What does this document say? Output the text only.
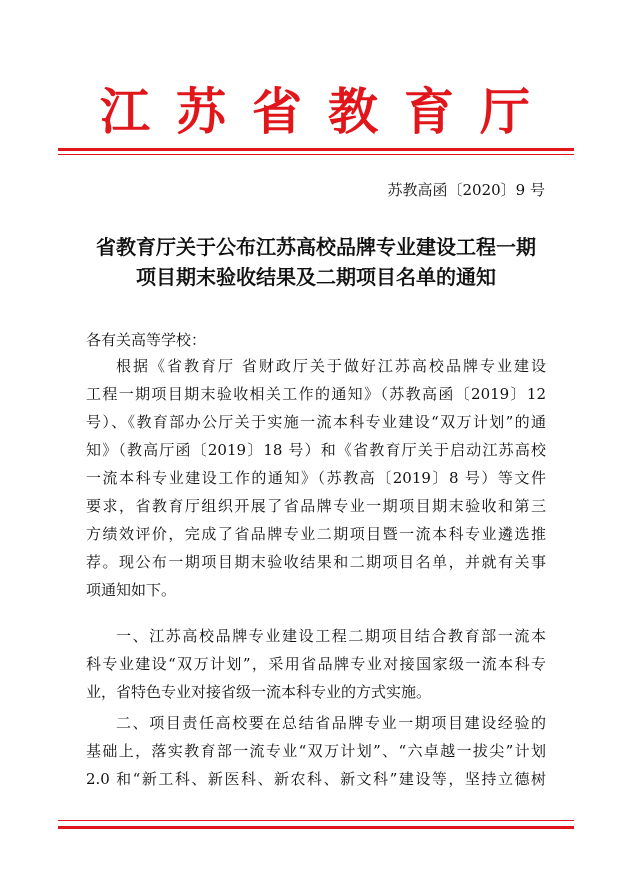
江苏省教育厅
苏教高函〔2020〕9 号
省教育厅关于公布江苏高校品牌专业建设工程一期
项目期末验收结果及二期项目名单的通知
各有关高等学校：
根据《省教育厅 省财政厅关于做好江苏高校品牌专业建设
工程一期项目期末验收相关工作的通知》（苏教高函〔2019〕12
号）、《教育部办公厅关于实施一流本科专业建设“双万计划”的通
知》（教高厅函〔2019〕18 号）和《省教育厅关于启动江苏高校
一流本科专业建设工作的通知》（苏教高〔2019〕8 号）等文件
要求，省教育厅组织开展了省品牌专业一期项目期末验收和第三
方绩效评价，完成了省品牌专业二期项目暨一流本科专业遴选推
荐。现公布一期项目期末验收结果和二期项目名单，并就有关事
项通知如下。
一、江苏高校品牌专业建设工程二期项目结合教育部一流本
科专业建设“双万计划”，采用省品牌专业对接国家级一流本科专
业，省特色专业对接省级一流本科专业的方式实施。
二、项目责任高校要在总结省品牌专业一期项目建设经验的
基础上，落实教育部一流专业“双万计划”、“六卓越一拔尖”计划
2.0 和“新工科、新医科、新农科、新文科”建设等，坚持立德树
